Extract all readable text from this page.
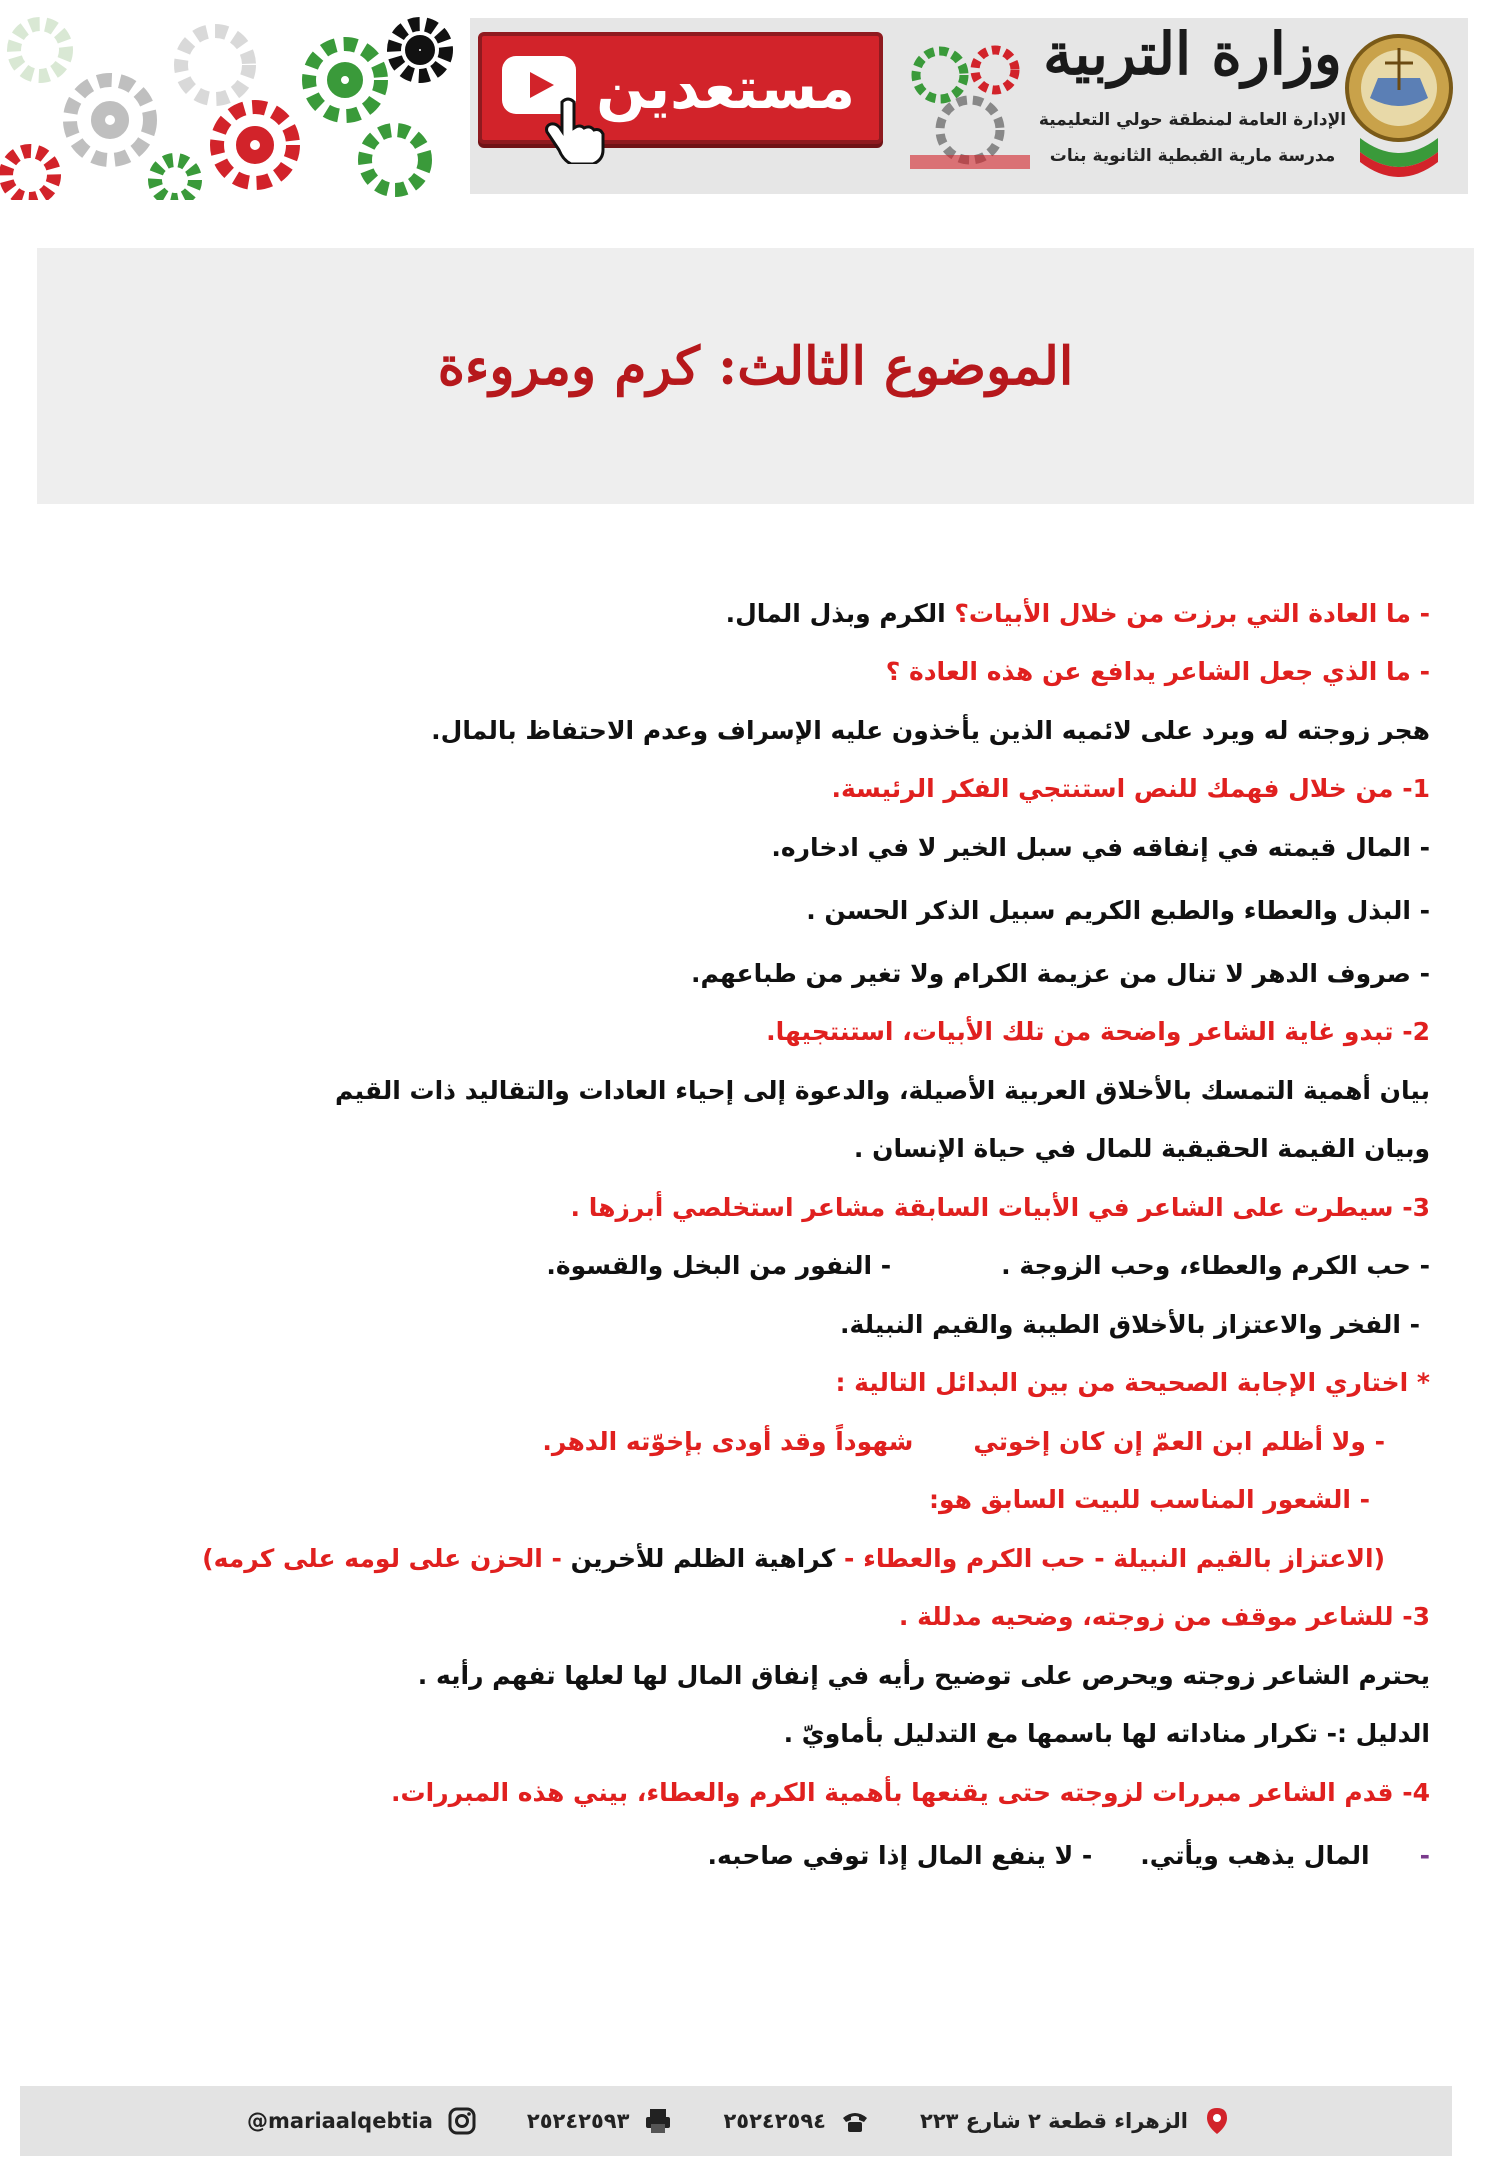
مستعدين	وزارة التربية
الإدارة العامة لمنطقة حولي التعليمية
مدرسة مارية القبطية الثانوية بنات
الموضوع الثالث: كرم ومروءة
- ما العادة التي برزت من خلال الأبيات؟ الكرم وبذل المال.
- ما الذي جعل الشاعر يدافع عن هذه العادة ؟
هجر زوجته له ويرد على لائميه الذين يأخذون عليه الإسراف وعدم الاحتفاظ بالمال.
1- من خلال فهمك للنص استنتجي الفكر الرئيسة.
- المال قيمته في إنفاقه في سبل الخير لا في ادخاره.
- البذل والعطاء والطبع الكريم سبيل الذكر الحسن .
- صروف الدهر لا تنال من عزيمة الكرام ولا تغير من طباعهم.
2- تبدو غاية الشاعر واضحة من تلك الأبيات، استنتجيها.
بيان أهمية التمسك بالأخلاق العربية الأصيلة، والدعوة إلى إحياء العادات والتقاليد ذات القيم
وبيان القيمة الحقيقية للمال في حياة الإنسان .
3- سيطرت على الشاعر في الأبيات السابقة مشاعر استخلصي أبرزها .
- حب الكرم والعطاء، وحب الزوجة .- النفور من البخل والقسوة.
- الفخر والاعتزاز بالأخلاق الطيبة والقيم النبيلة.
* اختاري الإجابة الصحيحة من بين البدائل التالية :
- ولا أظلم ابن العمّ إن كان إخوتيشهوداً وقد أودى بإخوّته الدهر.
- الشعور المناسب للبيت السابق هو:
(الاعتزاز بالقيم النبيلة - حب الكرم والعطاء - كراهية الظلم للأخرين - الحزن على لومه على كرمه)
3- للشاعر موقف من زوجته، وضحيه مدللة .
يحترم الشاعر زوجته ويحرص على توضيح رأيه في إنفاق المال لها لعلها تفهم رأيه .
الدليل :- تكرار مناداته لها باسمها مع التدليل بأماويّ .
4- قدم الشاعر مبررات لزوجته حتى يقنعها بأهمية الكرم والعطاء، بيني هذه المبررات.
-المال يذهب ويأتي.- لا ينفع المال إذا توفي صاحبه.
الزهراء قطعة ٢ شارع ٢٢٣
٢٥٢٤٢٥٩٤
٢٥٢٤٢٥٩٣
@mariaalqebtia
